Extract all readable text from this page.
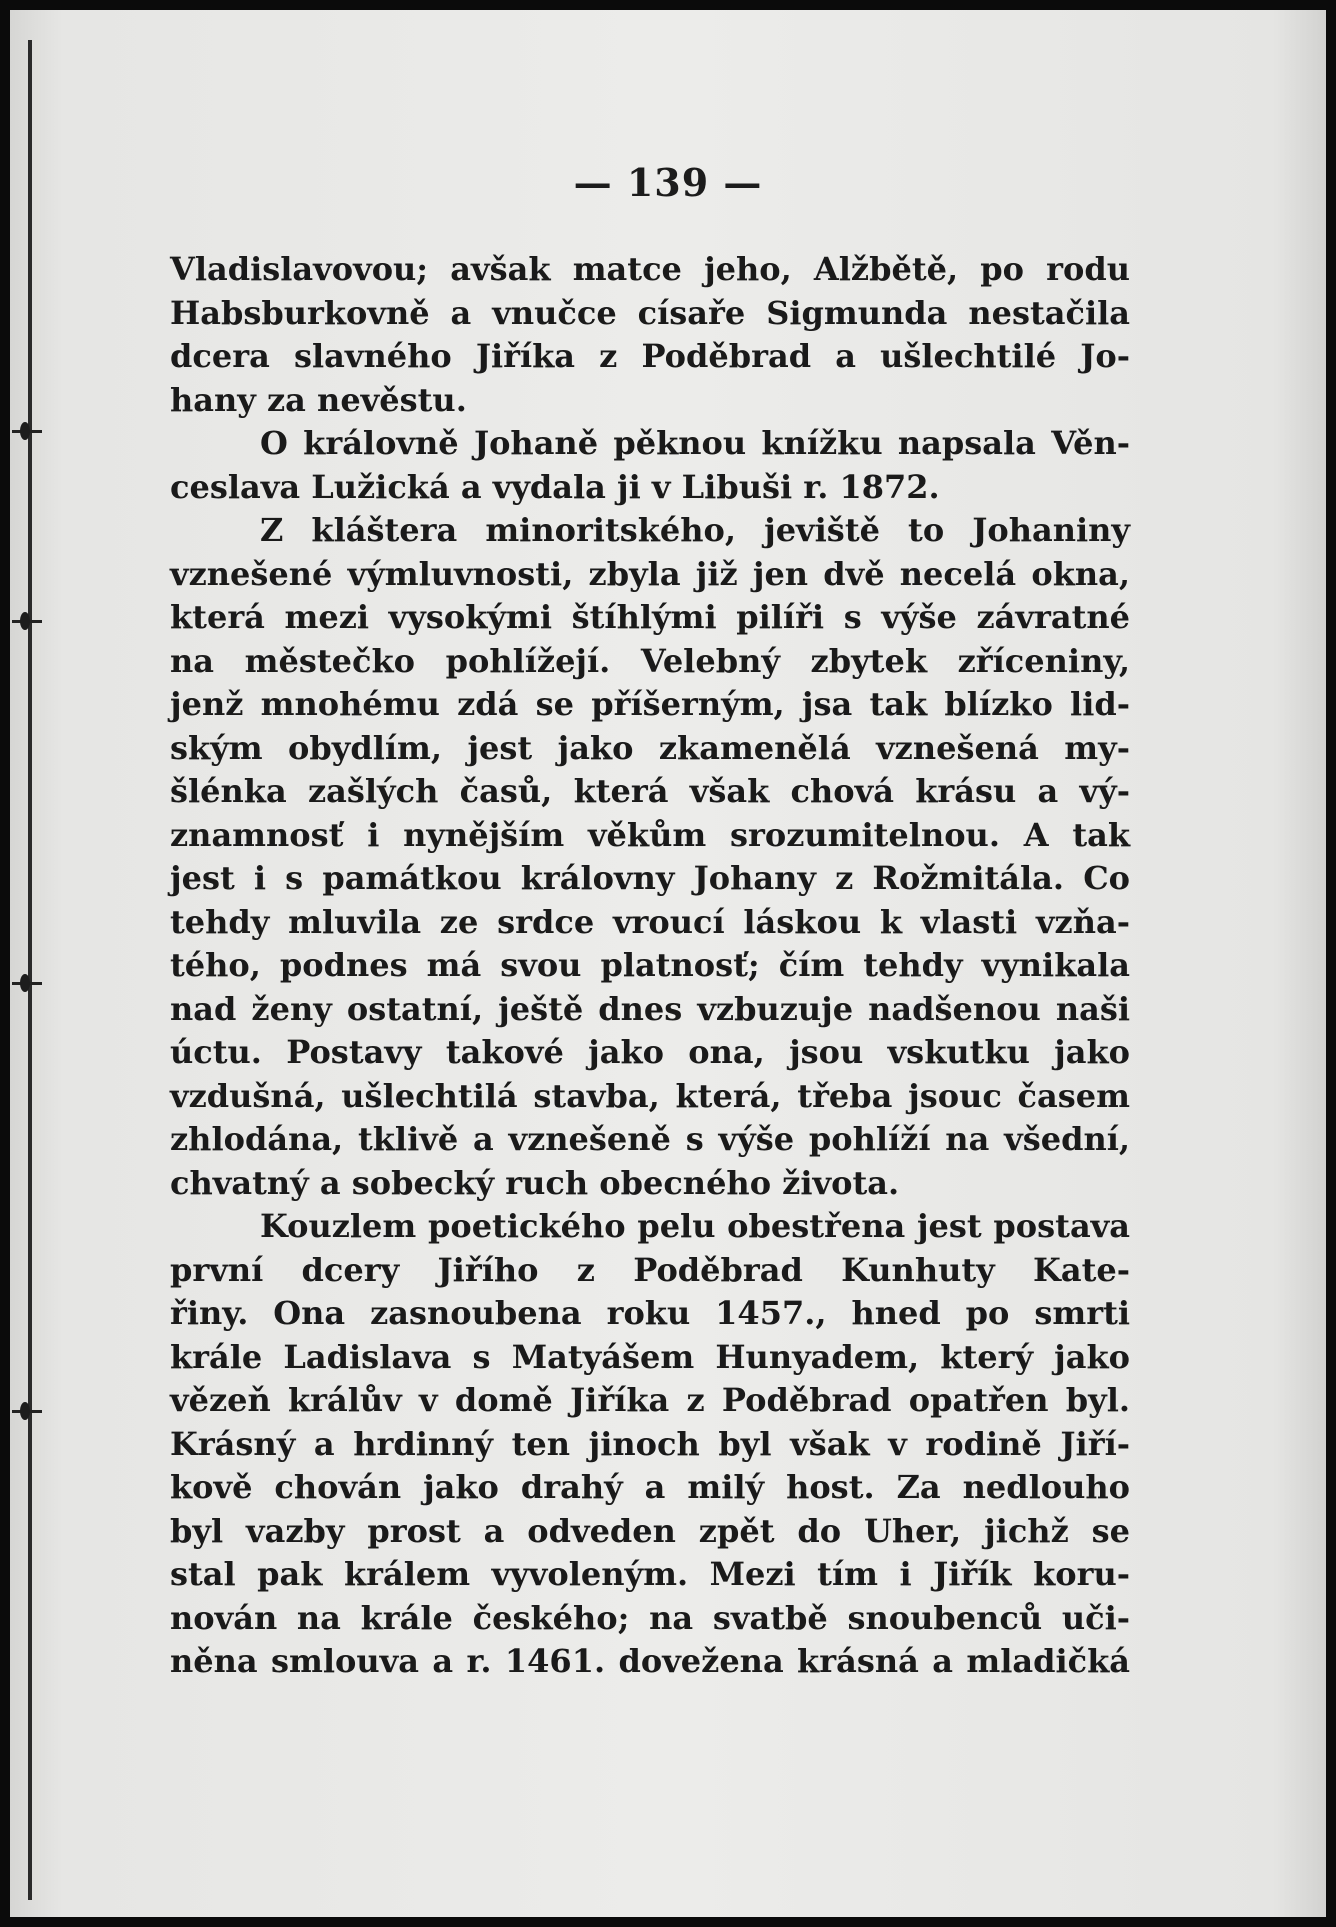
— 139 —
Vladislavovou; avšak matce jeho, Alžbětě, po rodu
Habsburkovně a vnučce císaře Sigmunda nestačila
dcera slavného Jiříka z Poděbrad a ušlechtilé Jo-
hany za nevěstu.
O královně Johaně pěknou knížku napsala Věn-
ceslava Lužická a vydala ji v Libuši r. 1872.
Z kláštera minoritského, jeviště to Johaniny
vznešené výmluvnosti, zbyla již jen dvě necelá okna,
která mezi vysokými štíhlými pilíři s výše závratné
na městečko pohlížejí. Velebný zbytek zříceniny,
jenž mnohému zdá se příšerným, jsa tak blízko lid-
ským obydlím, jest jako zkamenělá vznešená my-
šlénka zašlých časů, která však chová krásu a vý-
znamnosť i nynějším věkům srozumitelnou. A tak
jest i s památkou královny Johany z Rožmitála. Co
tehdy mluvila ze srdce vroucí láskou k vlasti vzňa-
tého, podnes má svou platnosť; čím tehdy vynikala
nad ženy ostatní, ještě dnes vzbuzuje nadšenou naši
úctu. Postavy takové jako ona, jsou vskutku jako
vzdušná, ušlechtilá stavba, která, třeba jsouc časem
zhlodána, tklivě a vznešeně s výše pohlíží na všední,
chvatný a sobecký ruch obecného života.
Kouzlem poetického pelu obestřena jest postava
první dcery Jiřího z Poděbrad Kunhuty Kate-
řiny. Ona zasnoubena roku 1457., hned po smrti
krále Ladislava s Matyášem Hunyadem, který jako
vězeň králův v domě Jiříka z Poděbrad opatřen byl.
Krásný a hrdinný ten jinoch byl však v rodině Jiří-
kově chován jako drahý a milý host. Za nedlouho
byl vazby prost a odveden zpět do Uher, jichž se
stal pak králem vyvoleným. Mezi tím i Jiřík koru-
nován na krále českého; na svatbě snoubenců uči-
něna smlouva a r. 1461. dovežena krásná a mladičká
